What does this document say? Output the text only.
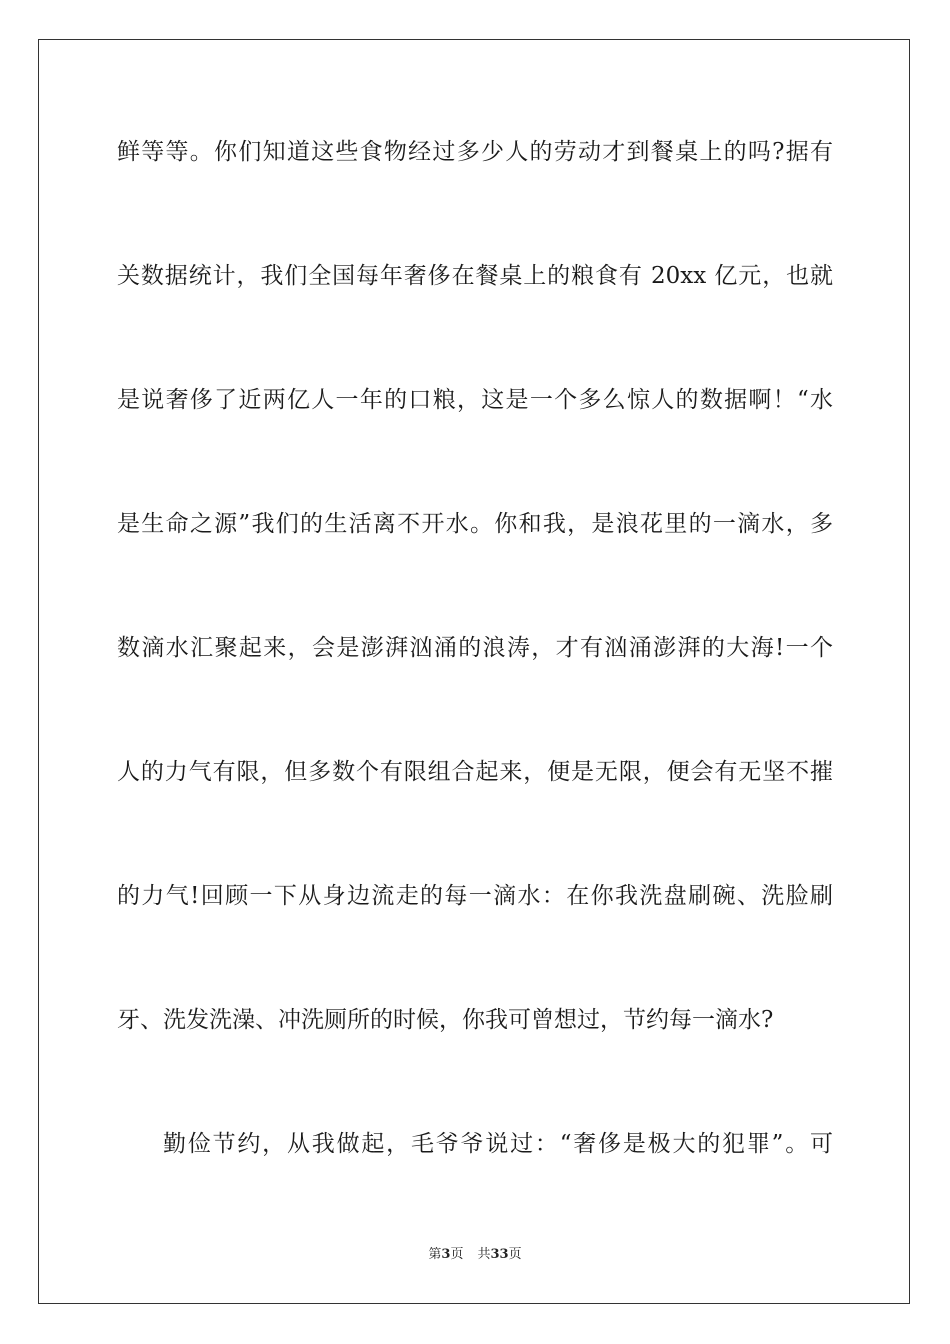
鲜等等。你们知道这些食物经过多少人的劳动才到餐桌上的吗?据有
关数据统计，我们全国每年奢侈在餐桌上的粮食有 20xx 亿元，也就
是说奢侈了近两亿人一年的口粮，这是一个多么惊人的数据啊！“水
是生命之源”我们的生活离不开水。你和我，是浪花里的一滴水，多
数滴水汇聚起来，会是澎湃汹涌的浪涛，才有汹涌澎湃的大海!一个
人的力气有限，但多数个有限组合起来，便是无限，便会有无坚不摧
的力气!回顾一下从身边流走的每一滴水：在你我洗盘刷碗、洗脸刷
牙、洗发洗澡、冲洗厕所的时候，你我可曾想过，节约每一滴水?
勤俭节约，从我做起，毛爷爷说过：“奢侈是极大的犯罪”。可
第3页 共33页
